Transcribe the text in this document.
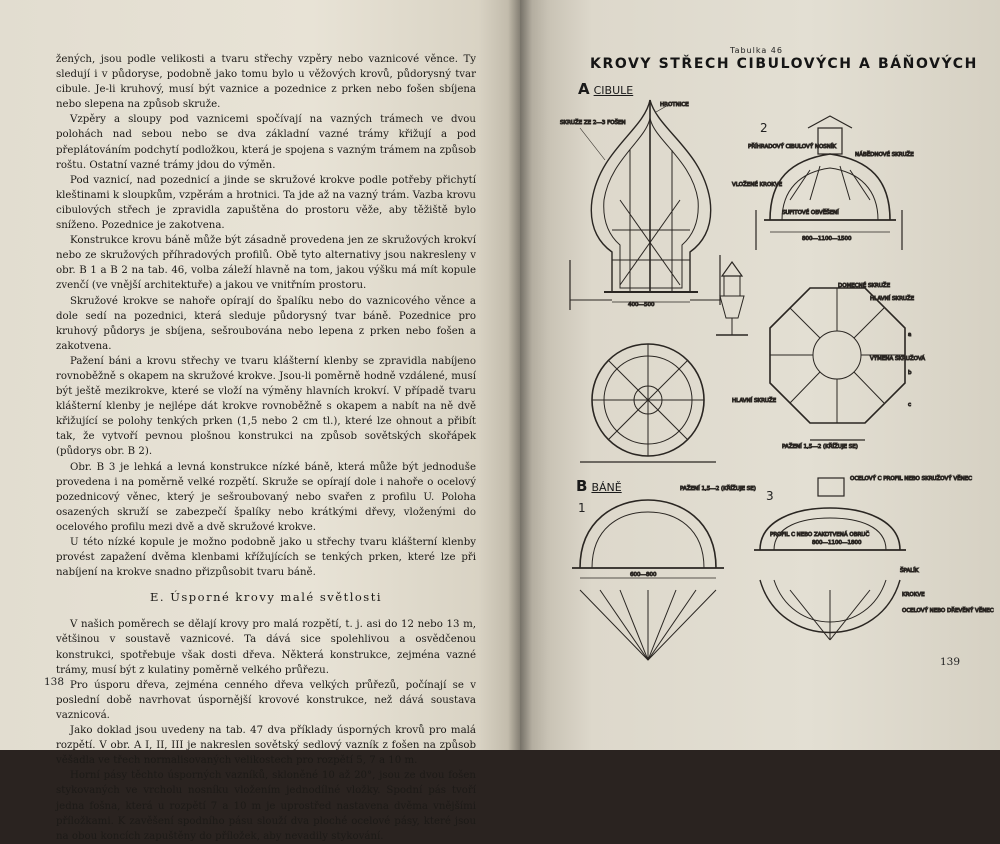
žených, jsou podle velikosti a tvaru střechy vzpěry nebo vaznicové věnce. Ty sledují i v půdoryse, podobně jako tomu bylo u věžových krovů, půdorysný tvar cibule. Je-li kruhový, musí být vaznice a pozednice z prken nebo fošen sbíjena nebo slepena na způsob skruže.

Vzpěry a sloupy pod vaznicemi spočívají na vazných trámech ve dvou polohách nad sebou nebo se dva základní vazné trámy křižují a pod přeplátováním podchytí podložkou, která je spojena s vazným trámem na způsob roštu. Ostatní vazné trámy jdou do výměn.

Pod vaznicí, nad pozednicí a jinde se skružové krokve podle potřeby přichytí kleštinami k sloupkům, vzpěrám a hrotnici. Ta jde až na vazný trám. Vazba krovu cibulových střech je zpravidla zapuštěna do prostoru věže, aby těžiště bylo sníženo. Pozednice je zakotvena.

Konstrukce krovu báně může být zásadně provedena jen ze skružových krokví nebo ze skružových příhradových profilů. Obě tyto alternativy jsou nakresleny v obr. B 1 a B 2 na tab. 46, volba záleží hlavně na tom, jakou výšku má mít kopule zvenčí (ve vnější architektuře) a jakou ve vnitřním prostoru.

Skružové krokve se nahoře opírají do špalíku nebo do vaznicového věnce a dole sedí na pozednici, která sleduje půdorysný tvar báně. Pozednice pro kruhový půdorys je sbíjena, sešroubována nebo lepena z prken nebo fošen a zakotvena.

Pažení báni a krovu střechy ve tvaru klášterní klenby se zpravidla nabíjeno rovnoběžně s okapem na skružové krokve. Jsou-li poměrně hodně vzdálené, musí být ještě mezikrokve, které se vloží na výměny hlavních krokví. V případě tvaru klášterní klenby je nejlépe dát krokve rovnoběžně s okapem a nabít na ně dvě křižující se polohy tenkých prken (1,5 nebo 2 cm tl.), které lze ohnout a přibít tak, že vytvoří pevnou plošnou konstrukci na způsob sovětských skořápek (půdorys obr. B 2).

Obr. B 3 je lehká a levná konstrukce nízké báně, která může být jednoduše provedena i na poměrně velké rozpětí. Skruže se opírají dole i nahoře o ocelový pozednicový věnec, který je sešroubovaný nebo svařen z profilu U. Poloha osazených skruží se zabezpečí špalíky nebo krátkými dřevy, vloženými do ocelového profilu mezi dvě a dvě skružové krokve.

U této nízké kopule je možno podobně jako u střechy tvaru klášterní klenby provést zapažení dvěma klenbami křížujících se tenkých prken, které lze při nabíjení na krokve snadno přizpůsobit tvaru báně.

E. Úsporné krovy malé světlosti

V našich poměrech se dělají krovy pro malá rozpětí, t. j. asi do 12 nebo 13 m, většinou v soustavě vaznicové. Ta dává sice spolehlivou a osvědčenou konstrukci, spotřebuje však dosti dřeva. Některá konstrukce, zejména vazné trámy, musí být z kulatiny poměrně velkého průřezu.

Pro úsporu dřeva, zejména cenného dřeva velkých průřezů, počínají se v poslední době navrhovat úspornější krovové konstrukce, než dává soustava vaznicová.

Jako doklad jsou uvedeny na tab. 47 dva příklady úsporných krovů pro malá rozpětí. V obr. A I, II, III je nakreslen sovětský sedlový vazník z fošen na způsob věšadla ve třech normalisovaných velikostech pro rozpětí 5, 7 a 10 m.

Horní pásy těchto úsporných vazníků, skloněné 10 až 20°, jsou ze dvou fošen stykovaných ve vrcholu nosníku vložením jednodílné vložky. Spodní pás tvoří jedna fošna, která u rozpětí 7 a 10 m je uprostřed nastavena dvěma vnějšími příložkami. K zavěšení spodního pásu slouží dva ploché ocelové pásy, které jsou na obou koncích zapuštěny do příložek, aby nevadily stykování.

138
Tabulka 46
KROVY STŘECH CIBULOVÝCH A BÁŇOVÝCH
A CIBULE
B BÁNĚ
139
HROTNICE
SKRUŽE ZE 2—3 FOŠEN
400—500
2
PŘÍHRADOVÝ CIBULOVÝ NOSNÍK
NÁBĚDNOVÉ SKRUŽE
VLOŽENÉ KROKVE
SUFITOVÉ OBVĚŠENÍ
800—1100—1500
DOMECNÉ SKRUŽE
HLAVNÍ SKRUŽE
VÝMĚNA SKRUŽOVÁ
HLAVNÍ SKRUŽE
PAŽENÍ 1,5—2 (KŘÍŽUJE SE)
a
b
c
1
600—800
PAŽENÍ 1,5—2 (KŘÍŽUJE SE) 3
OCELOVÝ C PROFIL NEBO SKRUŽOVÝ VĚNEC
PROFIL C NEBO ZAKOTVENÁ OBRUČ
800—1100—1800
ŠPALÍK
KROKVE
OCELOVÝ NEBO DŘEVĚNÝ VĚNEC
